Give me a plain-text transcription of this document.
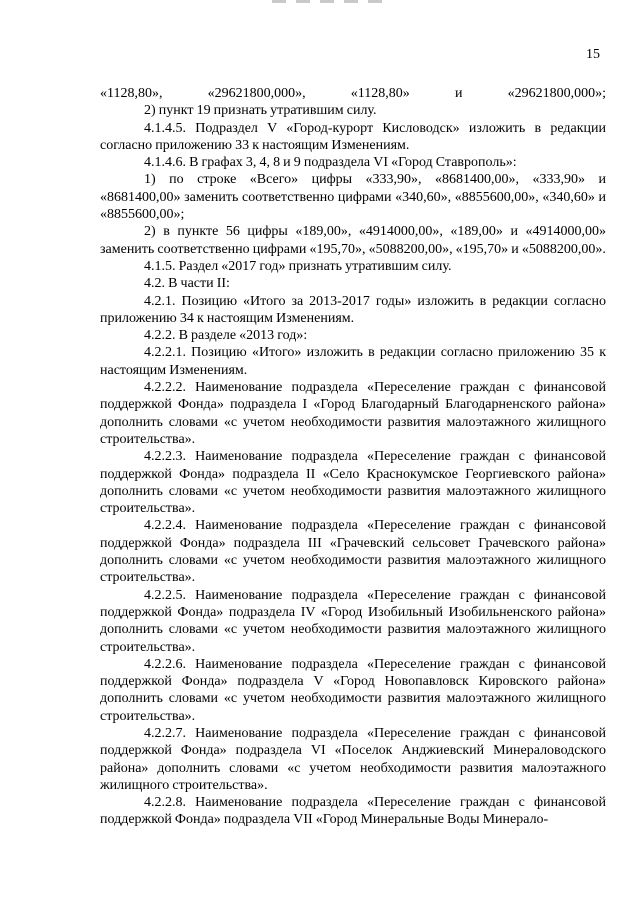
15

«1128,80», «29621800,000», «1128,80» и «29621800,000»;

2) пункт 19 признать утратившим силу.

4.1.4.5. Подраздел V «Город-курорт Кисловодск» изложить в редакции согласно приложению 33 к настоящим Изменениям.

4.1.4.6. В графах 3, 4, 8 и 9 подраздела VI «Город Ставрополь»:

1) по строке «Всего» цифры «333,90», «8681400,00», «333,90» и «8681400,00» заменить соответственно цифрами «340,60», «8855600,00», «340,60» и «8855600,00»;

2) в пункте 56 цифры «189,00», «4914000,00», «189,00» и «4914000,00» заменить соответственно цифрами «195,70», «5088200,00», «195,70» и «5088200,00».

4.1.5. Раздел «2017 год» признать утратившим силу.

4.2. В части II:

4.2.1. Позицию «Итого за 2013-2017 годы» изложить в редакции согласно приложению 34 к настоящим Изменениям.

4.2.2. В разделе «2013 год»:

4.2.2.1. Позицию «Итого» изложить в редакции согласно приложению 35 к настоящим Изменениям.

4.2.2.2. Наименование подраздела «Переселение граждан с финансовой поддержкой Фонда» подраздела I «Город Благодарный Благодарненского района» дополнить словами «с учетом необходимости развития малоэтажного жилищного строительства».

4.2.2.3. Наименование подраздела «Переселение граждан с финансовой поддержкой Фонда» подраздела II «Село Краснокумское Георгиевского района» дополнить словами «с учетом необходимости развития малоэтажного жилищного строительства».

4.2.2.4. Наименование подраздела «Переселение граждан с финансовой поддержкой Фонда» подраздела III «Грачевский сельсовет Грачевского района» дополнить словами «с учетом необходимости развития малоэтажного жилищного строительства».

4.2.2.5. Наименование подраздела «Переселение граждан с финансовой поддержкой Фонда» подраздела IV «Город Изобильный Изобильненского района» дополнить словами «с учетом необходимости развития малоэтажного жилищного строительства».

4.2.2.6. Наименование подраздела «Переселение граждан с финансовой поддержкой Фонда» подраздела V «Город Новопавловск Кировского района» дополнить словами «с учетом необходимости развития малоэтажного жилищного строительства».

4.2.2.7. Наименование подраздела «Переселение граждан с финансовой поддержкой Фонда» подраздела VI «Поселок Анджиевский Минераловодского района» дополнить словами «с учетом необходимости развития малоэтажного жилищного строительства».

4.2.2.8. Наименование подраздела «Переселение граждан с финансовой поддержкой Фонда» подраздела VII «Город Минеральные Воды Минерало-
